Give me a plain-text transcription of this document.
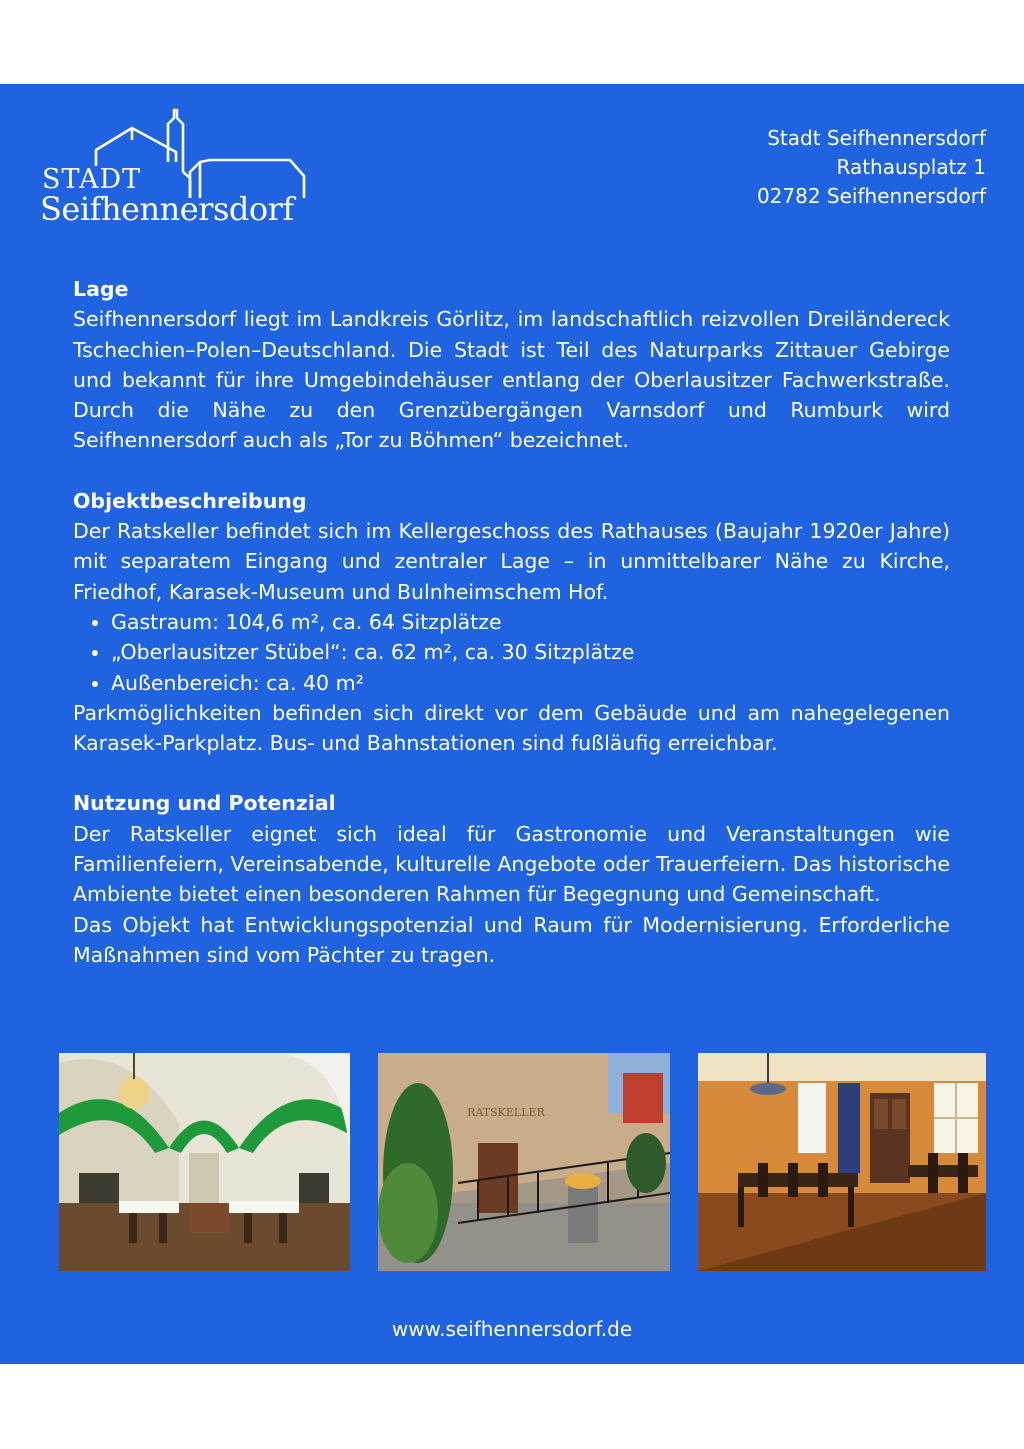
STADT
Seifhennersdorf
Stadt Seifhennersdorf
Rathausplatz 1
02782 Seifhennersdorf
Lage

Seifhennersdorf liegt im Landkreis Görlitz, im landschaftlich reizvollen Dreiländereck Tschechien–Polen–Deutschland. Die Stadt ist Teil des Naturparks Zittauer Gebirge und bekannt für ihre Umgebindehäuser entlang der Oberlausitzer Fachwerkstraße. Durch die Nähe zu den Grenzübergängen Varnsdorf und Rumburk wird Seifhennersdorf auch als „Tor zu Böhmen“ bezeichnet.

Objektbeschreibung

Der Ratskeller befindet sich im Kellergeschoss des Rathauses (Baujahr 1920er Jahre) mit separatem Eingang und zentraler Lage – in unmittelbarer Nähe zu Kirche, Friedhof, Karasek-Museum und Bulnheimschem Hof.

• Gastraum: 104,6 m², ca. 64 Sitzplätze
• „Oberlausitzer Stübel“: ca. 62 m², ca. 30 Sitzplätze
• Außenbereich: ca. 40 m²

Parkmöglichkeiten befinden sich direkt vor dem Gebäude und am nahegelegenen Karasek-Parkplatz. Bus- und Bahnstationen sind fußläufig erreichbar.

Nutzung und Potenzial

Der Ratskeller eignet sich ideal für Gastronomie und Veranstaltungen wie Familienfeiern, Vereinsabende, kulturelle Angebote oder Trauerfeiern. Das historische Ambiente bietet einen besonderen Rahmen für Begegnung und Gemeinschaft.

Das Objekt hat Entwicklungspotenzial und Raum für Modernisierung. Erforderliche Maßnahmen sind vom Pächter zu tragen.

RATSKELLER
www.seifhennersdorf.de
